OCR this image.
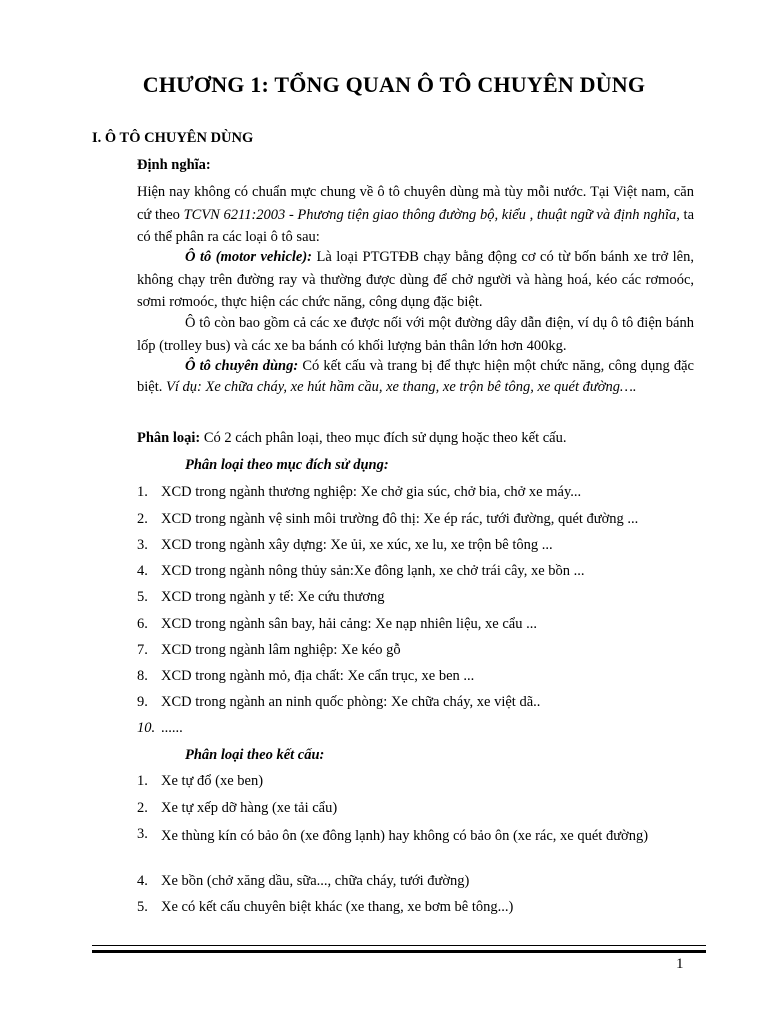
CHƯƠNG 1: TỔNG QUAN Ô TÔ CHUYÊN DÙNG
I. Ô TÔ CHUYÊN DÙNG
Định nghĩa:
Hiện nay không có chuẩn mực chung về ô tô chuyên dùng mà tùy mỗi nước. Tại Việt nam, căn cứ theo TCVN 6211:2003 - Phương tiện giao thông đường bộ, kiểu , thuật ngữ và định nghĩa, ta có thể phân ra các loại ô tô sau:
Ô tô (motor vehicle): Là loại PTGTĐB chạy bằng động cơ có từ bốn bánh xe trở lên, không chạy trên đường ray và thường được dùng để chở người và hàng hoá, kéo các rơmoóc, sơmi rơmoóc, thực hiện các chức năng, công dụng đặc biệt.
Ô tô còn bao gồm cả các xe được nối với một đường dây dẫn điện, ví dụ ô tô điện bánh lốp (trolley bus) và các xe ba bánh có khối lượng bản thân lớn hơn 400kg.
Ô tô chuyên dùng: Có kết cấu và trang bị để thực hiện một chức năng, công dụng đặc biệt. Ví dụ: Xe chữa cháy, xe hút hầm cầu, xe thang, xe trộn bê tông, xe quét đường….
Phân loại: Có 2 cách phân loại, theo mục đích sử dụng hoặc theo kết cấu.
Phân loại theo mục đích sử dụng:
1. XCD trong ngành thương nghiệp: Xe chở gia súc, chở bia, chở xe máy...
2. XCD trong ngành vệ sinh môi trường đô thị: Xe ép rác, tưới đường, quét đường ...
3. XCD trong ngành xây dựng: Xe ủi, xe xúc, xe lu, xe trộn bê tông ...
4. XCD trong ngành nông thủy sản:Xe đông lạnh, xe chở trái cây, xe bồn ...
5. XCD trong ngành y tế: Xe cứu thương
6. XCD trong ngành sân bay, hải cảng: Xe nạp nhiên liệu, xe cẩu ...
7. XCD trong ngành lâm nghiệp: Xe kéo gỗ
8. XCD trong ngành mỏ, địa chất: Xe cẩn trục, xe ben ...
9. XCD trong ngành an ninh quốc phòng: Xe chữa cháy, xe việt dã..
10. ......
Phân loại theo kết cấu:
1. Xe tự đổ (xe ben)
2. Xe tự xếp dỡ hàng (xe tải cẩu)
3. Xe thùng kín có bảo ôn (xe đông lạnh) hay không có bảo ôn (xe rác, xe quét đường)
4. Xe bồn (chở xăng dầu, sữa..., chữa cháy, tưới đường)
5. Xe có kết cấu chuyên biệt khác (xe thang, xe bơm bê tông...)
1
